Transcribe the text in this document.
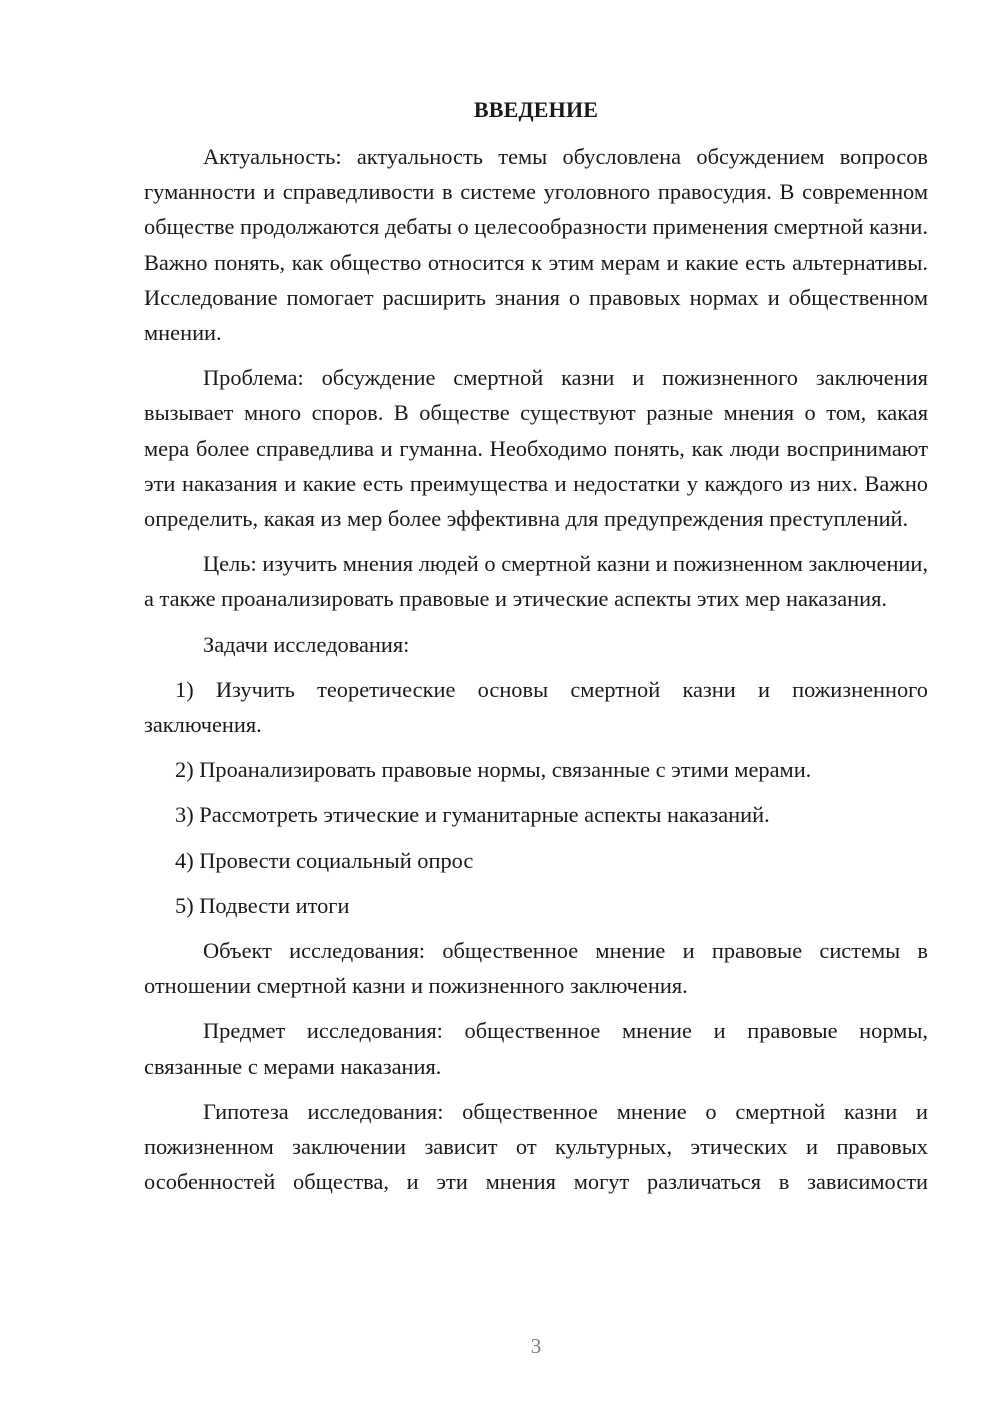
ВВЕДЕНИЕ

Актуальность: актуальность темы обусловлена обсуждением вопросов гуманности и справедливости в системе уголовного правосудия. В современном обществе продолжаются дебаты о целесообразности применения смертной казни. Важно понять, как общество относится к этим мерам и какие есть альтернативы. Исследование помогает расширить знания о правовых нормах и общественном мнении.

Проблема: обсуждение смертной казни и пожизненного заключения вызывает много споров. В обществе существуют разные мнения о том, какая мера более справедлива и гуманна. Необходимо понять, как люди воспринимают эти наказания и какие есть преимущества и недостатки у каждого из них. Важно определить, какая из мер более эффективна для предупреждения преступлений.

Цель: изучить мнения людей о смертной казни и пожизненном заключении, а также проанализировать правовые и этические аспекты этих мер наказания.

Задачи исследования:

1) Изучить теоретические основы смертной казни и пожизненного заключения.

2) Проанализировать правовые нормы, связанные с этими мерами.

3) Рассмотреть этические и гуманитарные аспекты наказаний.

4) Провести социальный опрос

5) Подвести итоги

Объект исследования: общественное мнение и правовые системы в отношении смертной казни и пожизненного заключения.

Предмет исследования: общественное мнение и правовые нормы, связанные с мерами наказания.

Гипотеза исследования: общественное мнение о смертной казни и пожизненном заключении зависит от культурных, этических и правовых особенностей общества, и эти мнения могут различаться в зависимости

3
